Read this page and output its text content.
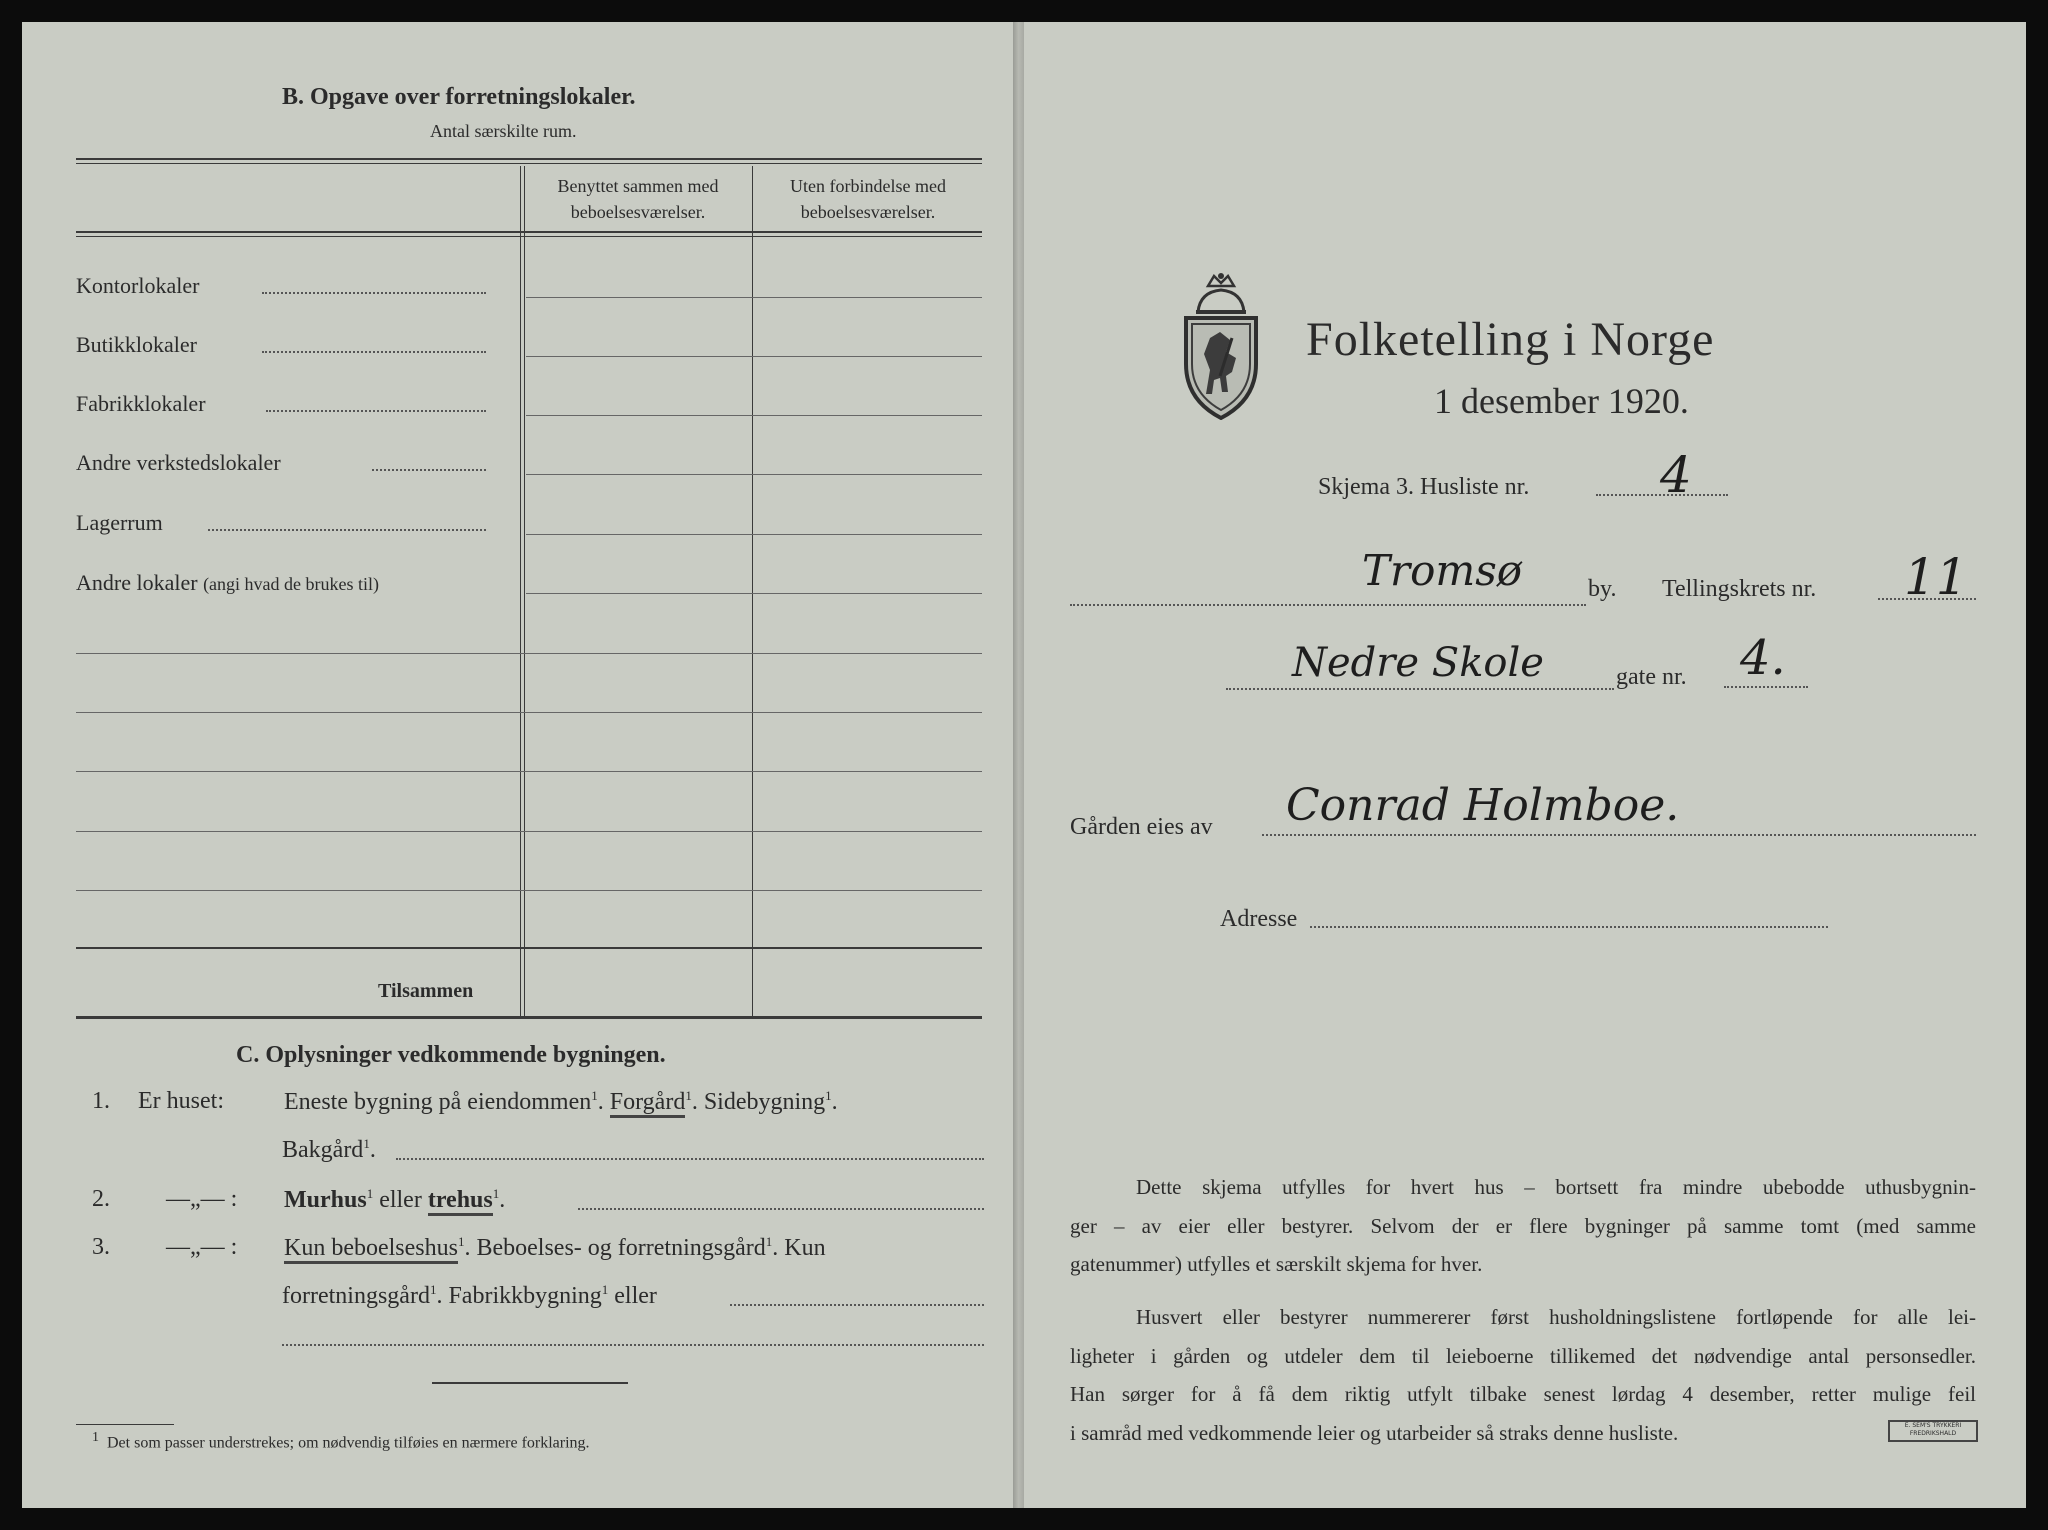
B. Opgave over forretningslokaler.
Antal særskilte rum.
Benyttet sammen med
beboelsesværelser.
Uten forbindelse med
beboelsesværelser.
Kontorlokaler
Butikklokaler
Fabrikklokaler
Andre verkstedslokaler
Lagerrum
Andre lokaler (angi hvad de brukes til)
Tilsammen
C. Oplysninger vedkommende bygningen.
1. Er huset:	Eneste bygning på eiendommen$^1$. Forgård$^1$. Sidebygning$^1$.
Bakgård$^1$.
2. —„— : Murhus$^1$ eller trehus$^1$.
3. —„— : Kun beboelseshus$^1$. Beboelses- og forretningsgård$^1$. Kun
forretningsgård$^1$. Fabrikkbygning$^1$ eller
1 Det som passer understrekes; om nødvendig tilføies en nærmere forklaring.
Folketelling i Norge
1 desember 1920.
Skjema 3. Husliste nr.	4
Tromsø	by. Tellingskrets nr. 11
Nedre Skole	gate nr. 4.
Gården eies av Conrad Holmboe.
Adresse
Dette skjema utfylles for hvert hus – bortsett fra mindre ubebodde uthusbygnin-
ger – av eier eller bestyrer. Selvom der er flere bygninger på samme tomt (med samme
gatenummer) utfylles et særskilt skjema for hver.
Husvert eller bestyrer nummererer først husholdningslistene fortløpende for alle lei-
ligheter i gården og utdeler dem til leieboerne tillikemed det nødvendige antal personsedler.
Han sørger for å få dem riktig utfylt tilbake senest lørdag 4 desember, retter mulige feil
i samråd med vedkommende leier og utarbeider så straks denne husliste.	E. SEM'S TRYKKERI
FREDRIKSHALD
